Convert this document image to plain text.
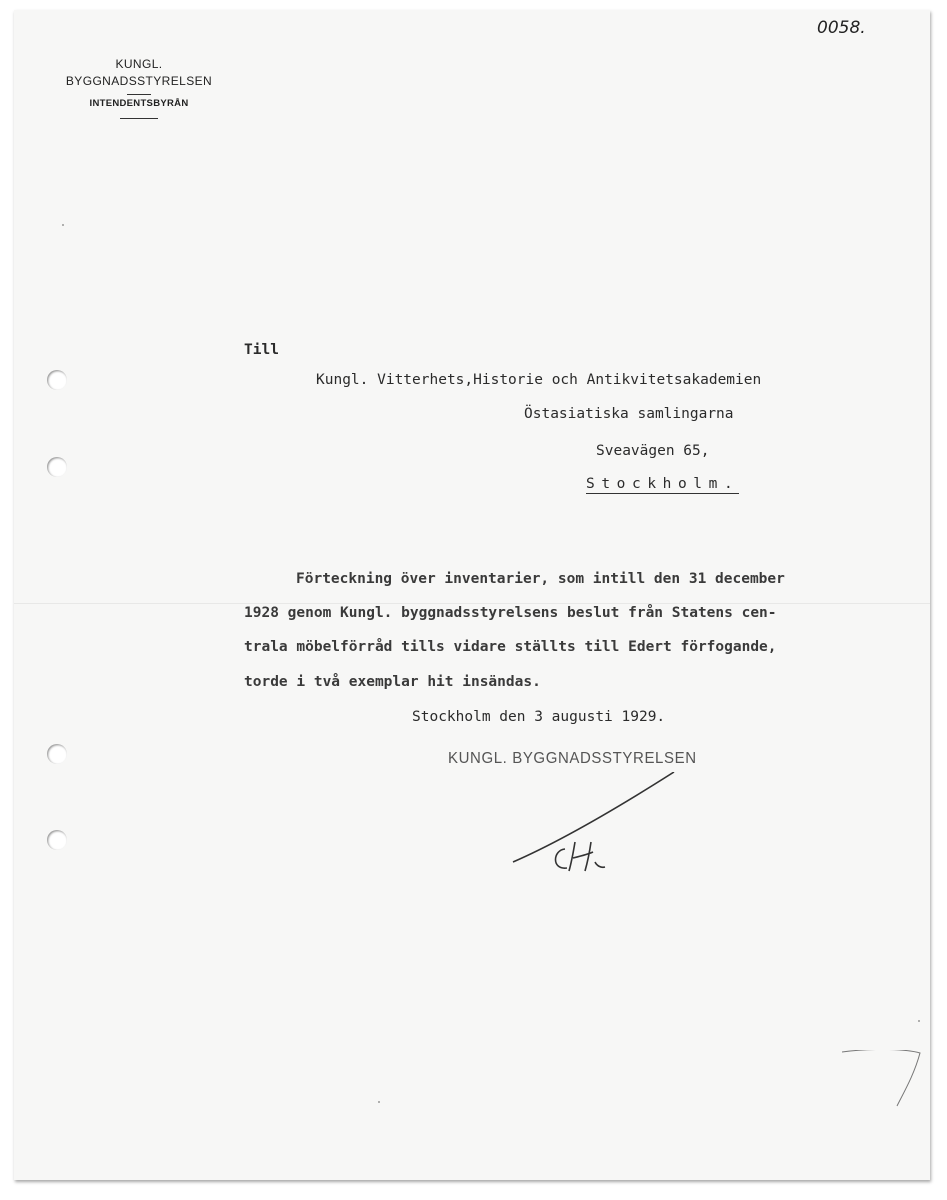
0058.
KUNGL.
BYGGNADSSTYRELSEN
INTENDENTSBYRÅN
Till
Kungl. Vitterhets,Historie och Antikvitetsakademien
Östasiatiska samlingarna
Sveavägen 65,
Stockholm.
Förteckning över inventarier, som intill den 31 december
1928 genom Kungl. byggnadsstyrelsens beslut från Statens cen-
trala möbelförråd tills vidare ställts till Edert förfogande,
torde i två exemplar hit insändas.
Stockholm den 3 augusti 1929.
KUNGL. BYGGNADSSTYRELSEN
